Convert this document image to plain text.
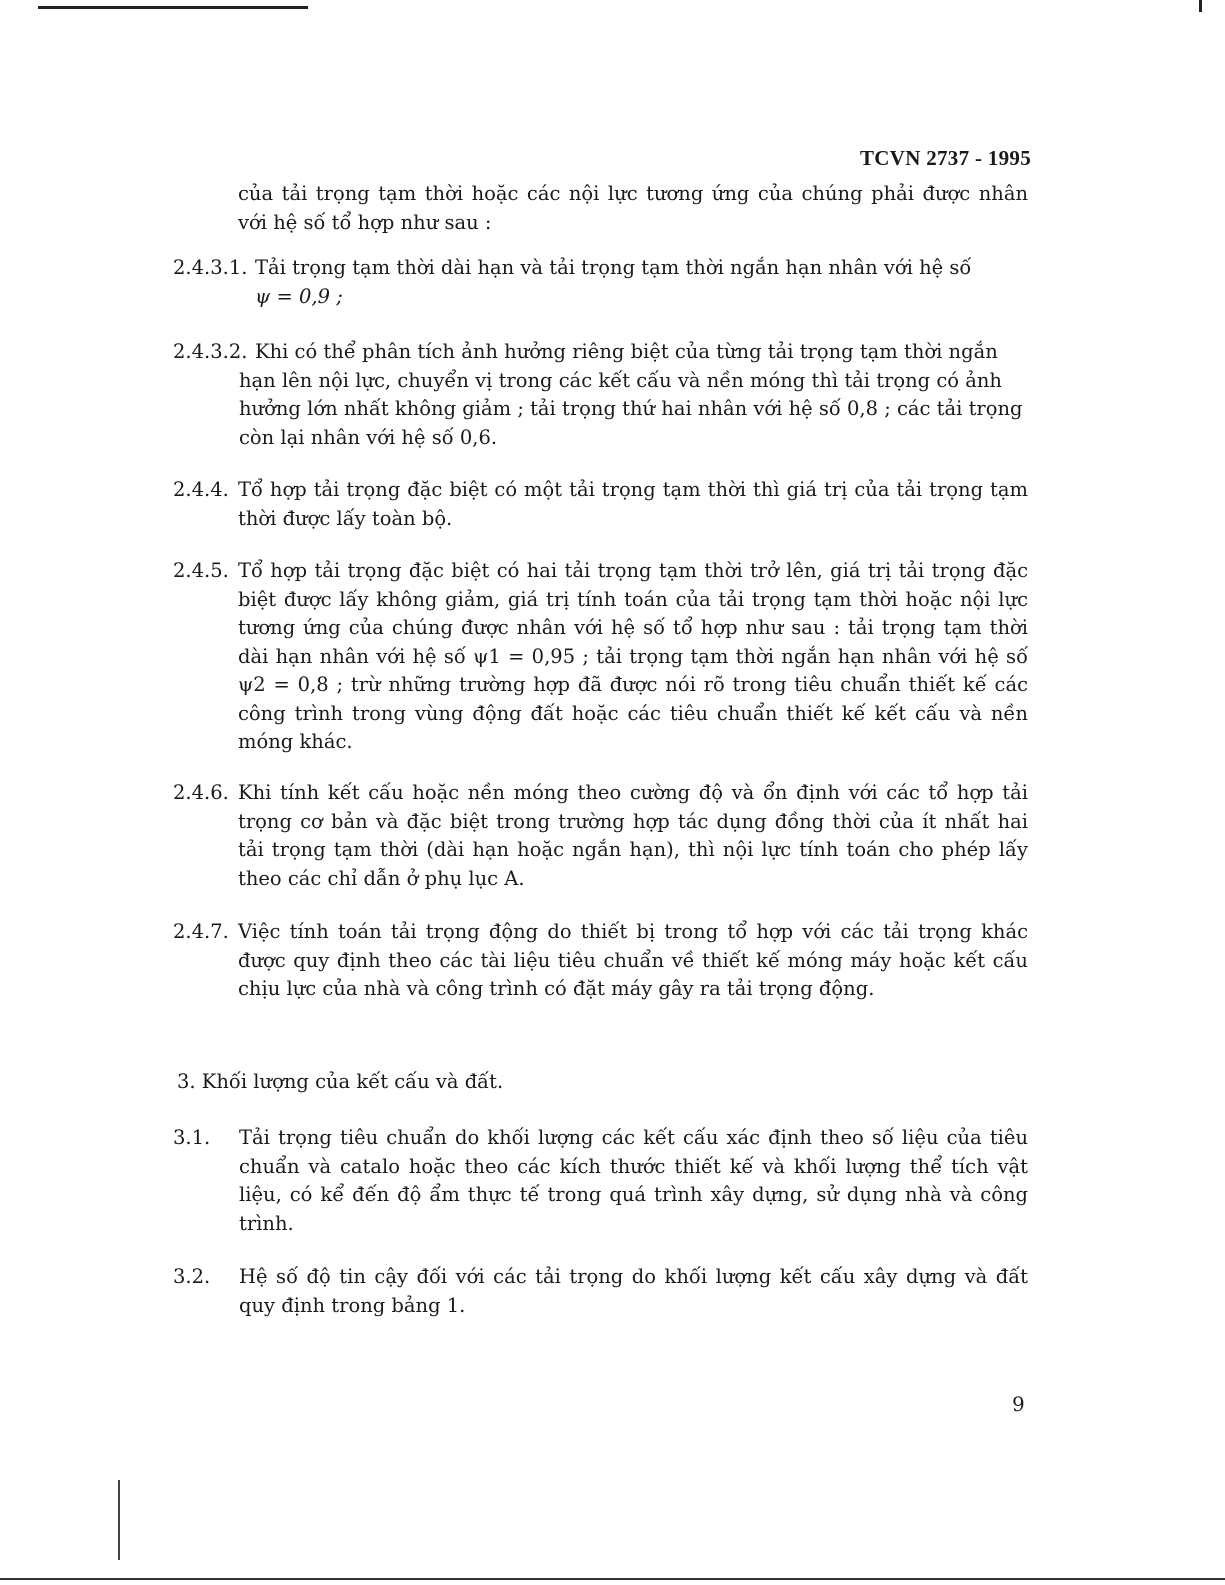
TCVN 2737 - 1995
của tải trọng tạm thời hoặc các nội lực tương ứng của chúng phải được nhân với hệ số tổ hợp như sau :
2.4.3.1. Tải trọng tạm thời dài hạn và tải trọng tạm thời ngắn hạn nhân với hệ số
ψ = 0,9 ;
2.4.3.2. Khi có thể phân tích ảnh hưởng riêng biệt của từng tải trọng tạm thời ngắn hạn lên nội lực, chuyển vị trong các kết cấu và nền móng thì tải trọng có ảnh hưởng lớn nhất không giảm ; tải trọng thứ hai nhân với hệ số 0,8 ; các tải trọng còn lại nhân với hệ số 0,6.
2.4.4. Tổ hợp tải trọng đặc biệt có một tải trọng tạm thời thì giá trị của tải trọng tạm thời được lấy toàn bộ.
2.4.5. Tổ hợp tải trọng đặc biệt có hai tải trọng tạm thời trở lên, giá trị tải trọng đặc biệt được lấy không giảm, giá trị tính toán của tải trọng tạm thời hoặc nội lực tương ứng của chúng được nhân với hệ số tổ hợp như sau : tải trọng tạm thời dài hạn nhân với hệ số ψ1 = 0,95 ; tải trọng tạm thời ngắn hạn nhân với hệ số ψ2 = 0,8 ; trừ những trường hợp đã được nói rõ trong tiêu chuẩn thiết kế các công trình trong vùng động đất hoặc các tiêu chuẩn thiết kế kết cấu và nền móng khác.
2.4.6. Khi tính kết cấu hoặc nền móng theo cường độ và ổn định với các tổ hợp tải trọng cơ bản và đặc biệt trong trường hợp tác dụng đồng thời của ít nhất hai tải trọng tạm thời (dài hạn hoặc ngắn hạn), thì nội lực tính toán cho phép lấy theo các chỉ dẫn ở phụ lục A.
2.4.7. Việc tính toán tải trọng động do thiết bị trong tổ hợp với các tải trọng khác được quy định theo các tài liệu tiêu chuẩn về thiết kế móng máy hoặc kết cấu chịu lực của nhà và công trình có đặt máy gây ra tải trọng động.
3. Khối lượng của kết cấu và đất.
3.1.	Tải trọng tiêu chuẩn do khối lượng các kết cấu xác định theo số liệu của tiêu chuẩn và catalo hoặc theo các kích thước thiết kế và khối lượng thể tích vật liệu, có kể đến độ ẩm thực tế trong quá trình xây dựng, sử dụng nhà và công trình.
3.2.	Hệ số độ tin cậy đối với các tải trọng do khối lượng kết cấu xây dựng và đất quy định trong bảng 1.
9
